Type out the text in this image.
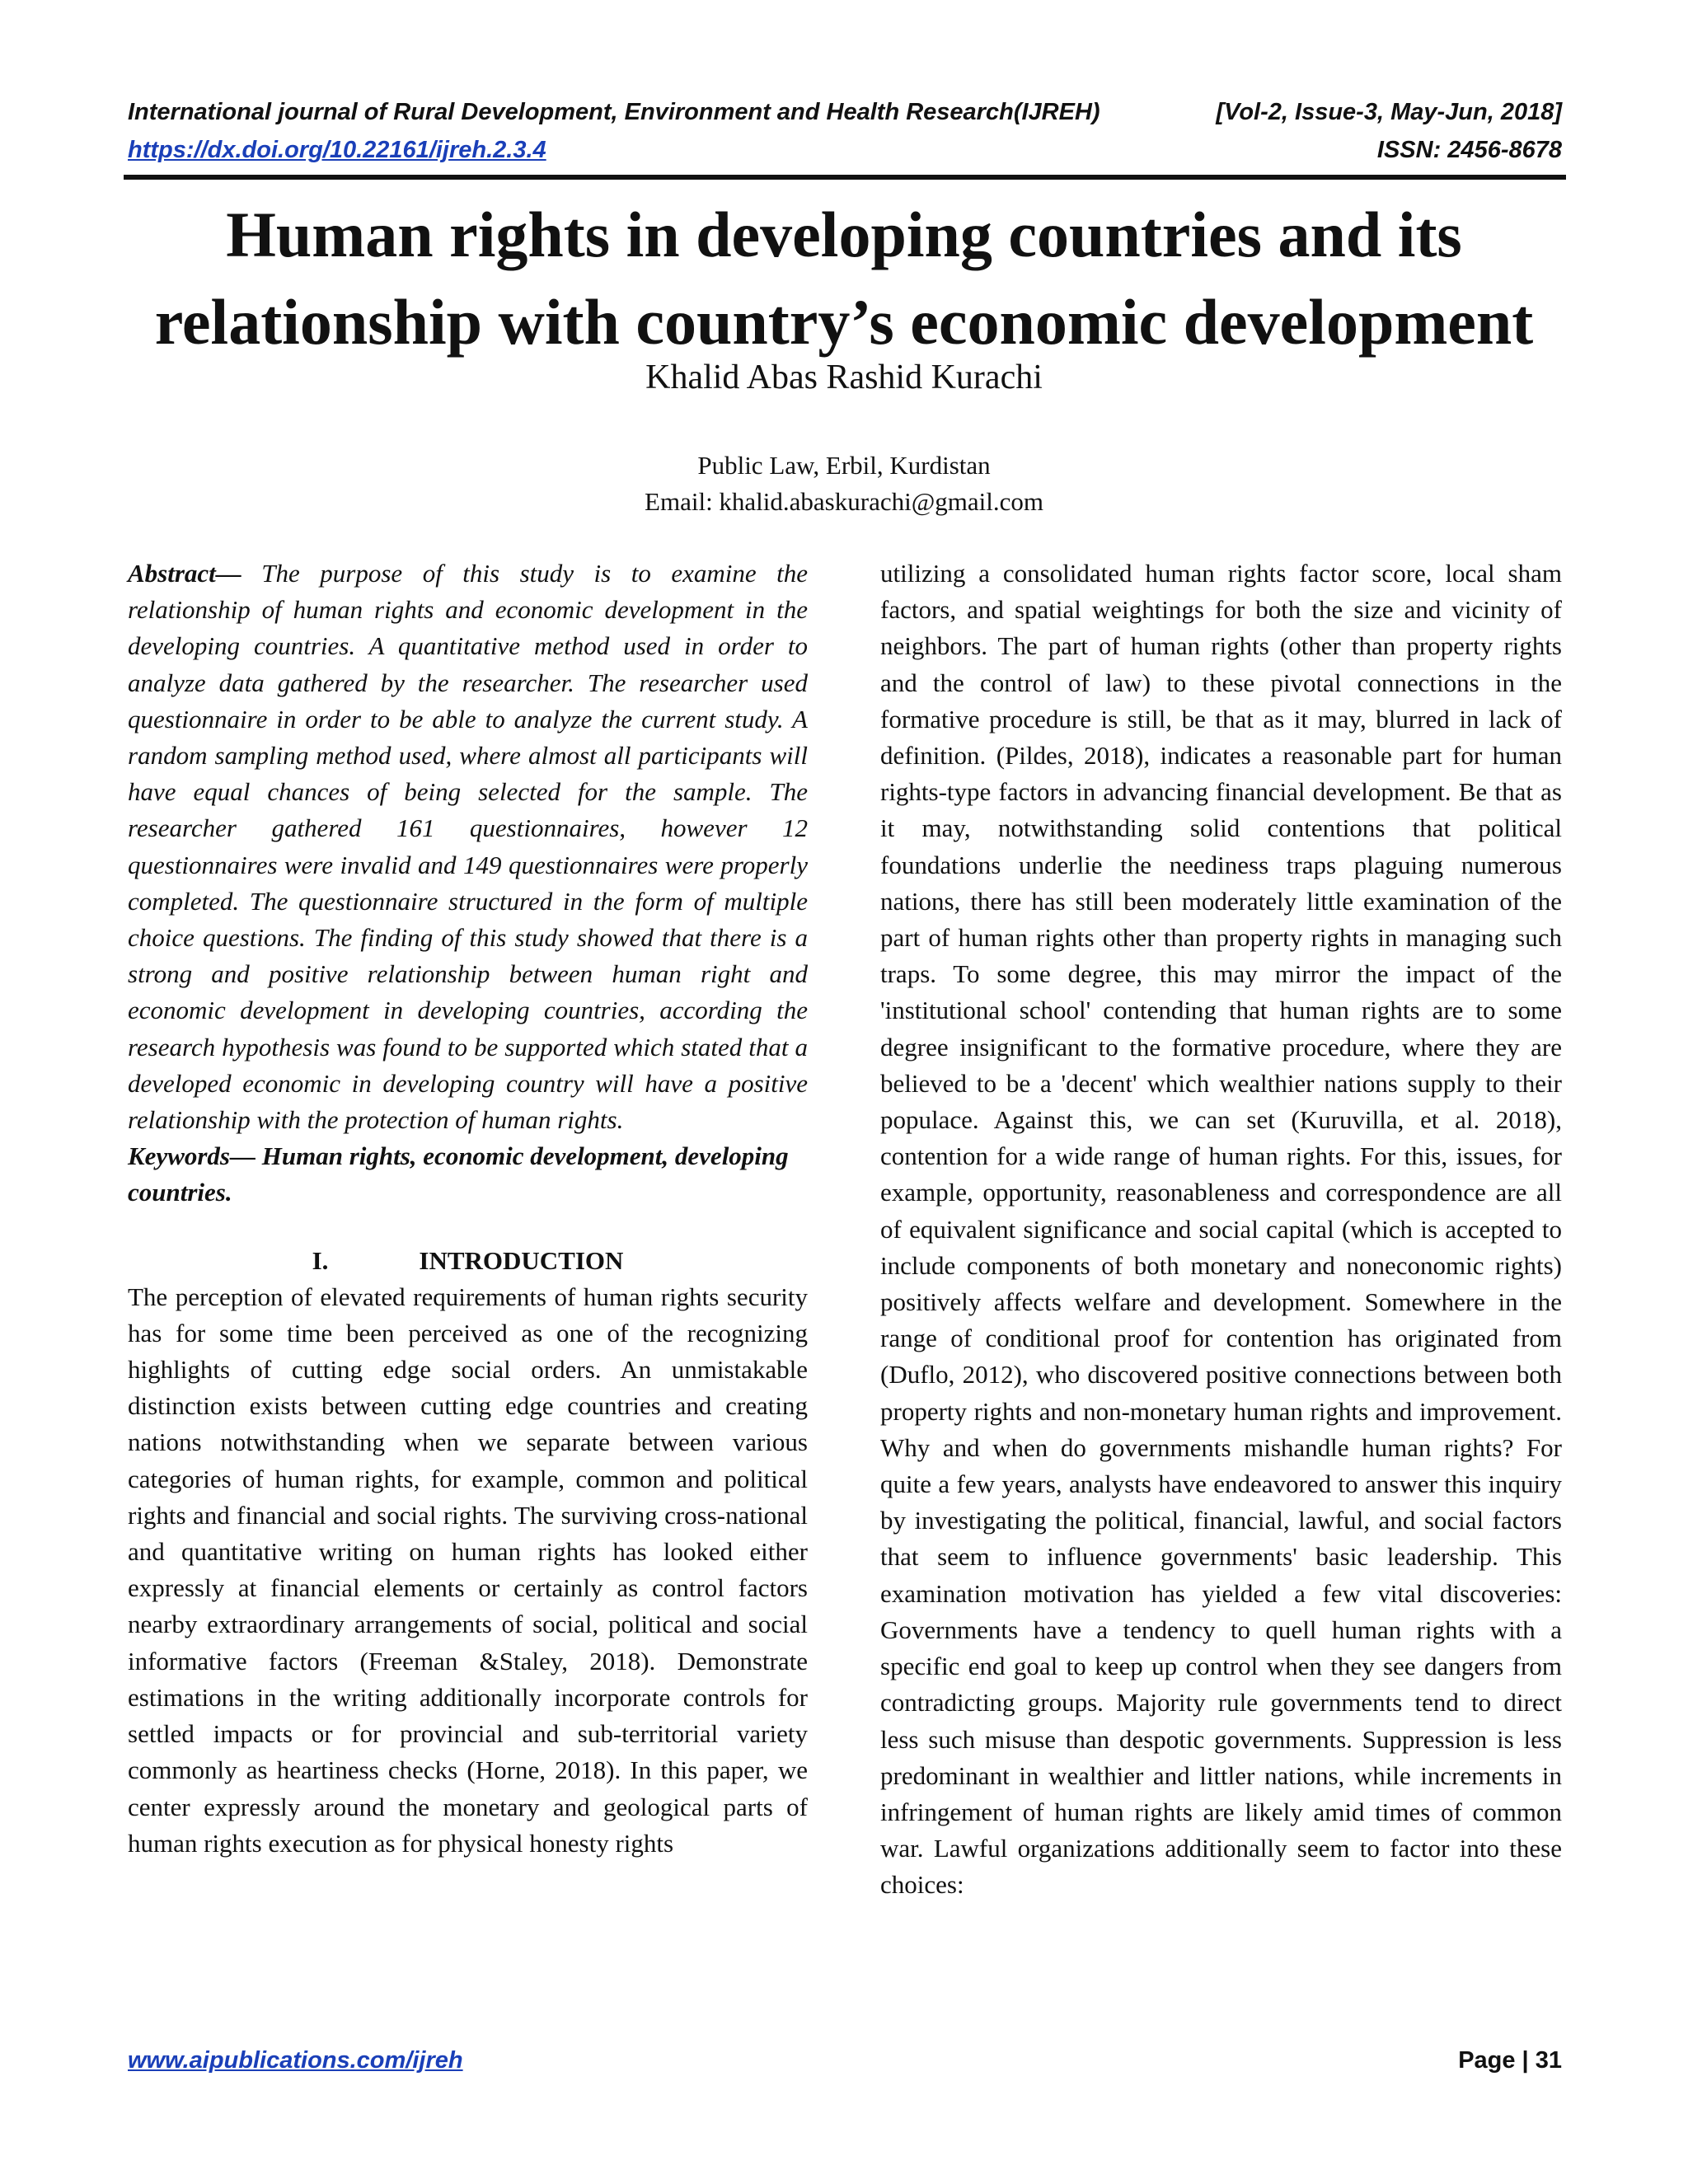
International journal of Rural Development, Environment and Health Research(IJREH)	[Vol-2, Issue-3, May-Jun, 2018]
https://dx.doi.org/10.22161/ijreh.2.3.4	ISSN: 2456-8678
Human rights in developing countries and its
relationship with country’s economic development
Khalid Abas Rashid Kurachi
Public Law, Erbil, Kurdistan
Email: khalid.abaskurachi@gmail.com

Abstract— The purpose of this study is to examine the relationship of human rights and economic development in the developing countries. A quantitative method used in order to analyze data gathered by the researcher. The researcher used questionnaire in order to be able to analyze the current study. A random sampling method used, where almost all participants will have equal chances of being selected for the sample. The researcher gathered 161 questionnaires, however 12 questionnaires were invalid and 149 questionnaires were properly completed. The questionnaire structured in the form of multiple choice questions. The finding of this study showed that there is a strong and positive relationship between human right and economic development in developing countries, according the research hypothesis was found to be supported which stated that a developed economic in developing country will have a positive relationship with the protection of human rights.

Keywords— Human rights, economic development, developing countries.

I.	INTRODUCTION

The perception of elevated requirements of human rights security has for some time been perceived as one of the recognizing highlights of cutting edge social orders. An unmistakable distinction exists between cutting edge countries and creating nations notwithstanding when we separate between various categories of human rights, for example, common and political rights and financial and social rights. The surviving cross-national and quantitative writing on human rights has looked either expressly at financial elements or certainly as control factors nearby extraordinary arrangements of social, political and social informative factors (Freeman &Staley, 2018). Demonstrate estimations in the writing additionally incorporate controls for settled impacts or for provincial and sub-territorial variety commonly as heartiness checks (Horne, 2018). In this paper, we center expressly around the monetary and geological parts of human rights execution as for physical honesty rights

utilizing a consolidated human rights factor score, local sham factors, and spatial weightings for both the size and vicinity of neighbors. The part of human rights (other than property rights and the control of law) to these pivotal connections in the formative procedure is still, be that as it may, blurred in lack of definition. (Pildes, 2018), indicates a reasonable part for human rights-type factors in advancing financial development. Be that as it may, notwithstanding solid contentions that political foundations underlie the neediness traps plaguing numerous nations, there has still been moderately little examination of the part of human rights other than property rights in managing such traps. To some degree, this may mirror the impact of the 'institutional school' contending that human rights are to some degree insignificant to the formative procedure, where they are believed to be a 'decent' which wealthier nations supply to their populace. Against this, we can set (Kuruvilla, et al. 2018), contention for a wide range of human rights. For this, issues, for example, opportunity, reasonableness and correspondence are all of equivalent significance and social capital (which is accepted to include components of both monetary and noneconomic rights) positively affects welfare and development. Somewhere in the range of conditional proof for contention has originated from (Duflo, 2012), who discovered positive connections between both property rights and non-monetary human rights and improvement. Why and when do governments mishandle human rights? For quite a few years, analysts have endeavored to answer this inquiry by investigating the political, financial, lawful, and social factors that seem to influence governments' basic leadership. This examination motivation has yielded a few vital discoveries: Governments have a tendency to quell human rights with a specific end goal to keep up control when they see dangers from contradicting groups. Majority rule governments tend to direct less such misuse than despotic governments. Suppression is less predominant in wealthier and littler nations, while increments in infringement of human rights are likely amid times of common war. Lawful organizations additionally seem to factor into these choices:

www.aipublications.com/ijreh	Page | 31
